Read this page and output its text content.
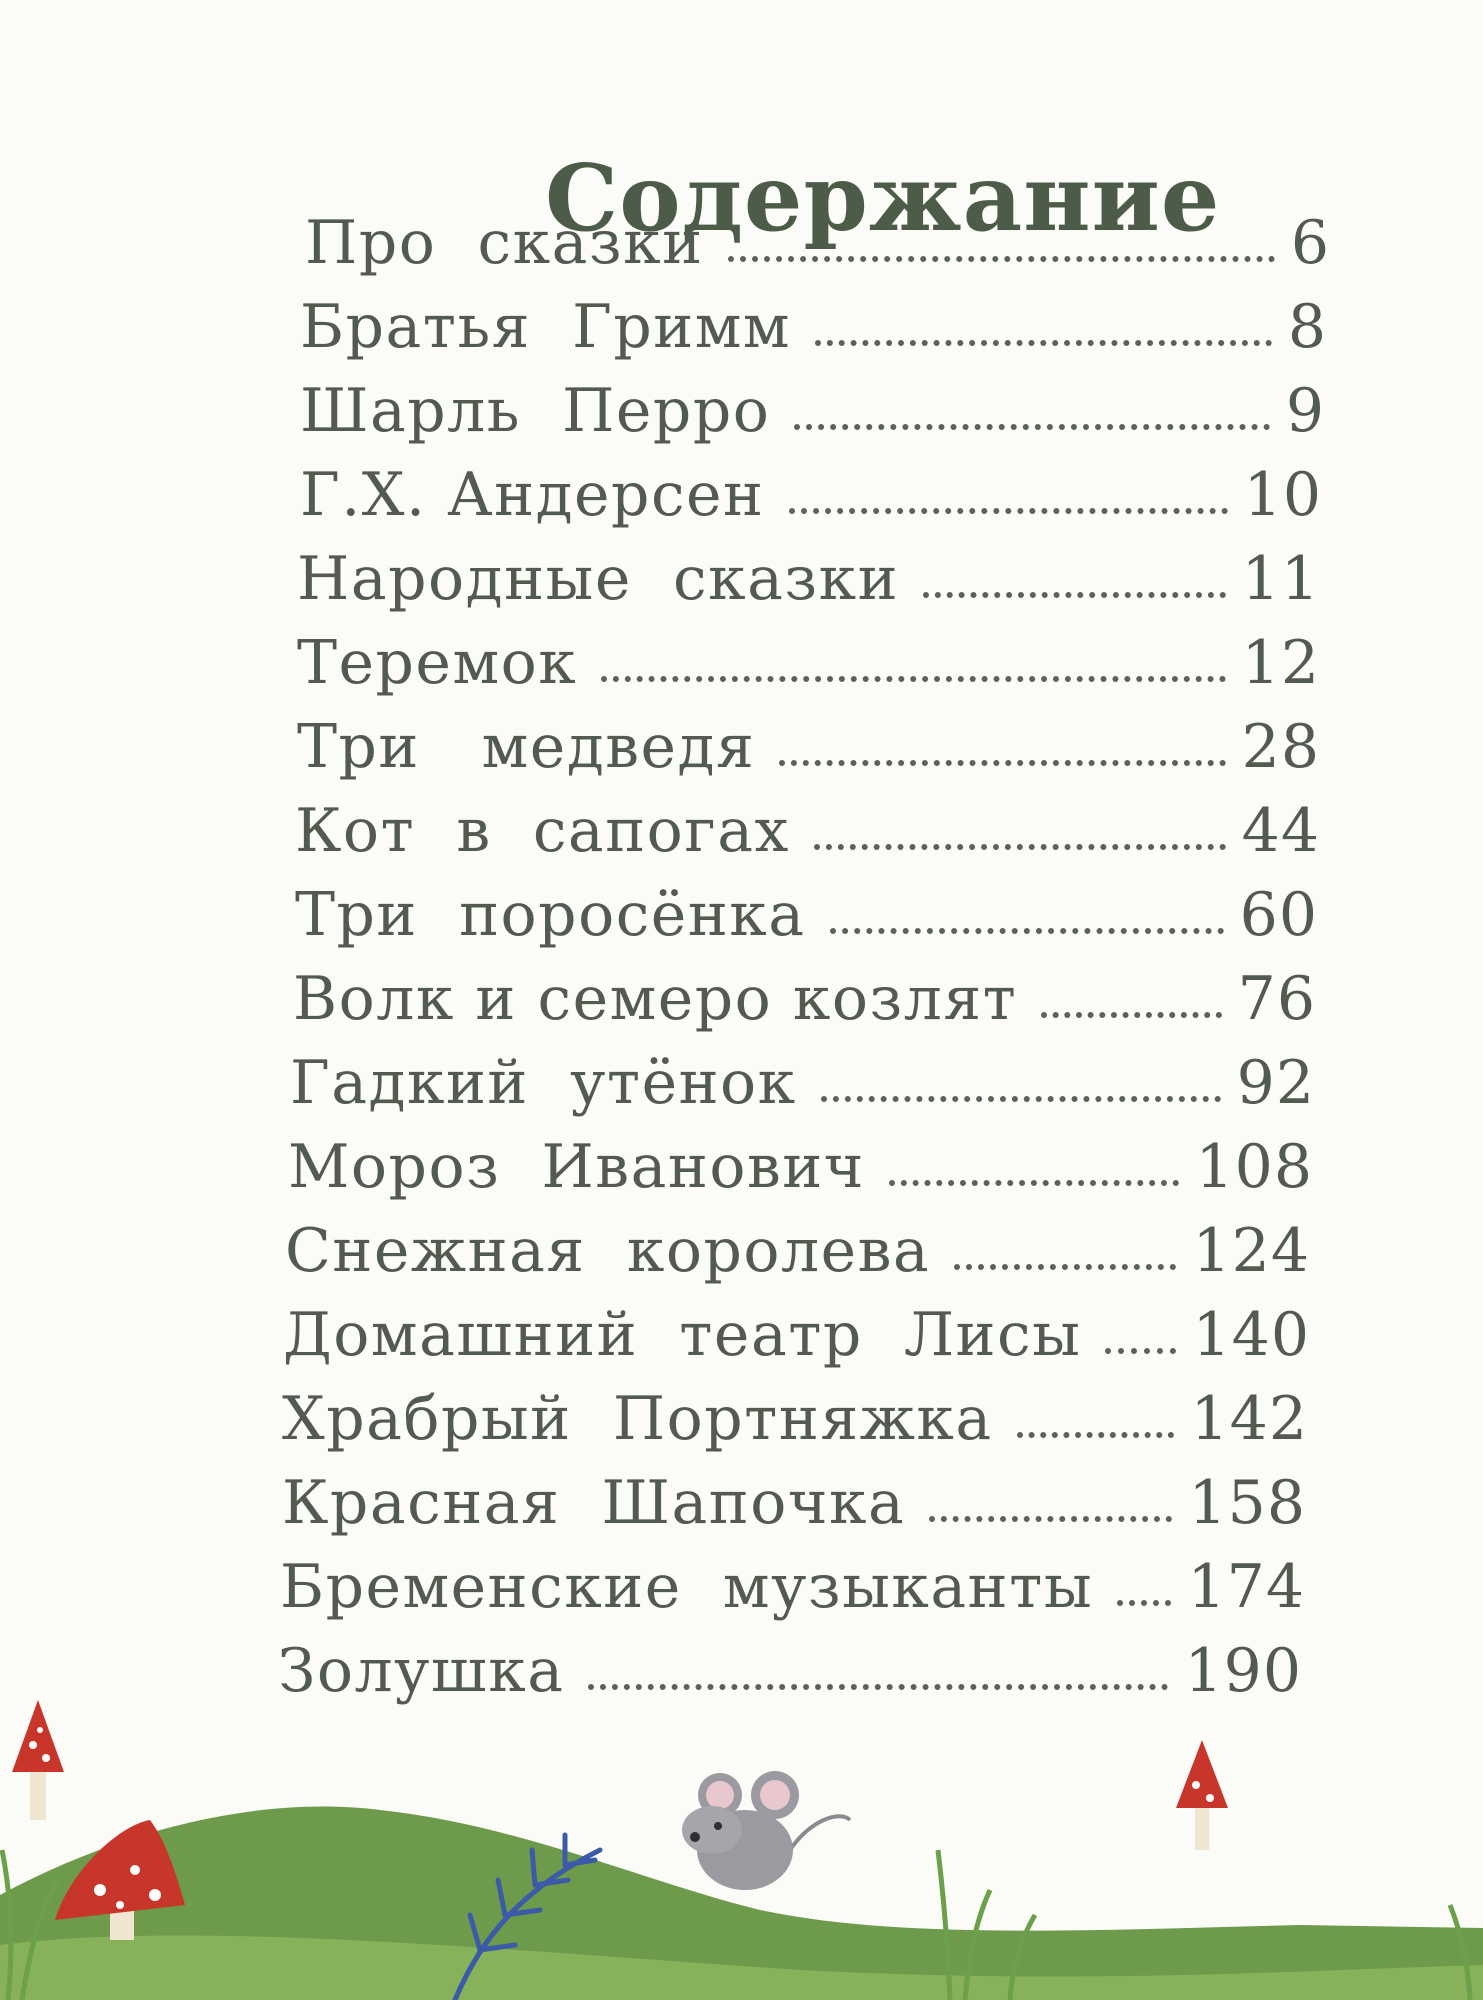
Содержание
Про  сказки	6
Братья  Гримм	8
Шарль  Перро	9
Г.Х. Андерсен	10
Народные  сказки	11
Теремок	12
Три   медведя	28
Кот  в  сапогах	44
Три  поросёнка	60
Волк и семеро козлят	76
Гадкий  утёнок	92
Мороз  Иванович	108
Снежная  королева	124
Домашний  театр  Лисы 140
Храбрый  Портняжка	142
Красная  Шапочка	158
Бременские  музыканты 174
Золушка	190
